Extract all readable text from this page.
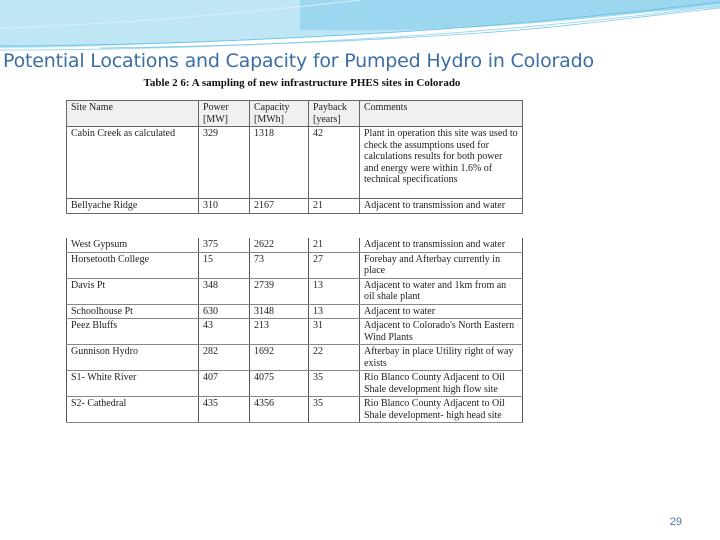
Potential Locations and Capacity for Pumped Hydro in Colorado
Table 2 6: A sampling of new infrastructure PHES sites in Colorado
Site Name	Power [MW]	Capacity [MWh]	Payback [years]	Comments
Cabin Creek as calculated	329	1318	42	Plant in operation this site was used to check the assumptions used for calculations results for both power and energy were within 1.6% of technical specifications
Bellyache Ridge	310	2167	21	Adjacent to transmission and water
West Gypsum	375	2622	21	Adjacent to transmission and water
Horsetooth College	15	73	27	Forebay and Afterbay currently in place
Davis Pt	348	2739	13	Adjacent to water and 1km from an oil shale plant
Schoolhouse Pt	630	3148	13	Adjacent to water
Peez Bluffs	43	213	31	Adjacent to Colorado's North Eastern Wind Plants
Gunnison Hydro	282	1692	22	Afterbay in place Utility right of way exists
S1- White River	407	4075	35	Rio Blanco County Adjacent to Oil Shale development high flow site
S2- Cathedral	435	4356	35	Rio Blanco County Adjacent to Oil Shale development- high head site
29
